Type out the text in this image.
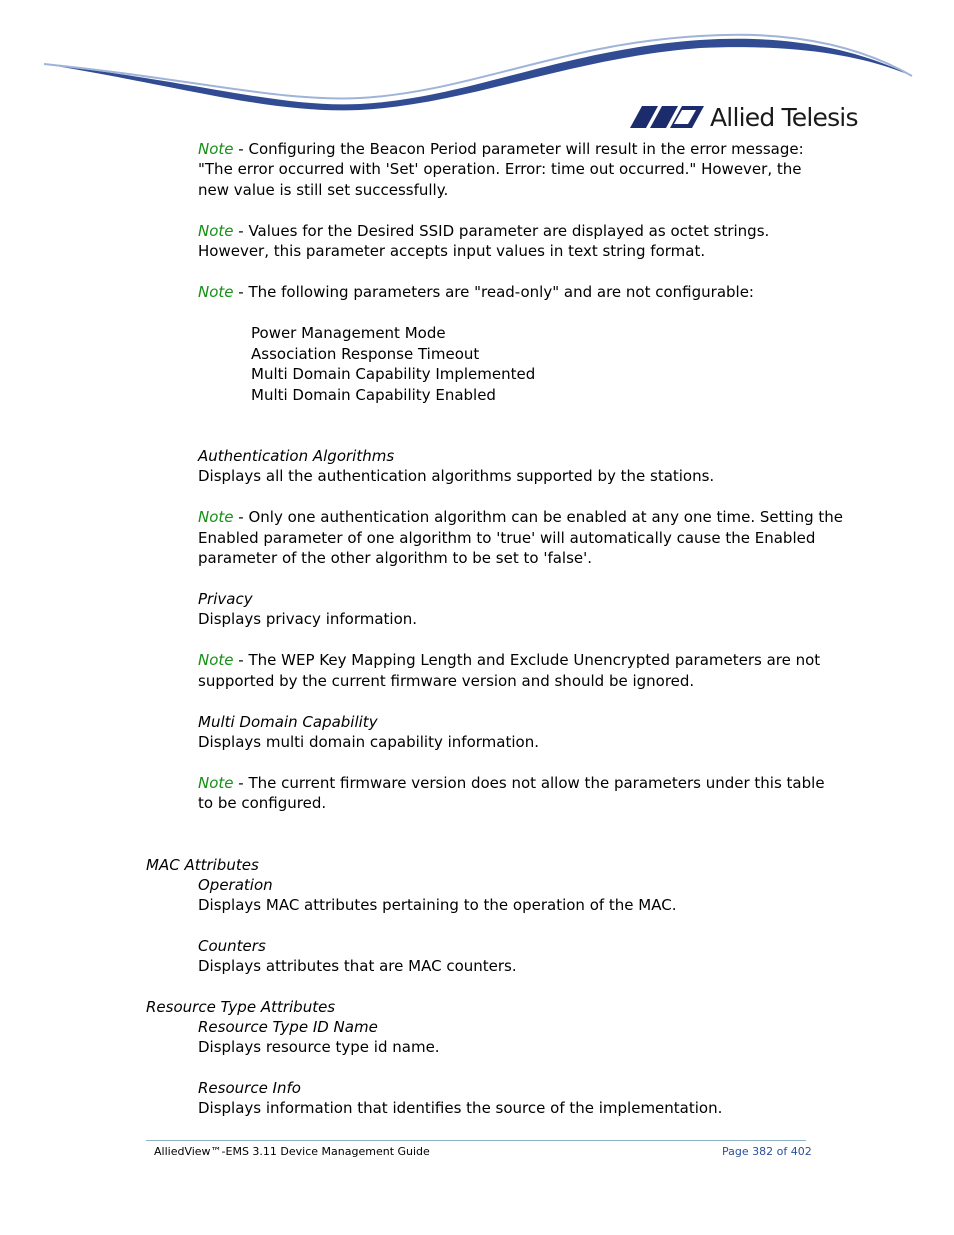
Allied Telesis
Note - Configuring the Beacon Period parameter will result in the error message:
"The error occurred with 'Set' operation. Error: time out occurred." However, the
new value is still set successfully.
Note - Values for the Desired SSID parameter are displayed as octet strings.
However, this parameter accepts input values in text string format.
Note - The following parameters are "read-only" and are not configurable:
Power Management Mode
Association Response Timeout
Multi Domain Capability Implemented
Multi Domain Capability Enabled
Authentication Algorithms
Displays all the authentication algorithms supported by the stations.
Note - Only one authentication algorithm can be enabled at any one time. Setting the
Enabled parameter of one algorithm to 'true' will automatically cause the Enabled
parameter of the other algorithm to be set to 'false'.
Privacy
Displays privacy information.
Note - The WEP Key Mapping Length and Exclude Unencrypted parameters are not
supported by the current firmware version and should be ignored.
Multi Domain Capability
Displays multi domain capability information.
Note - The current firmware version does not allow the parameters under this table
to be configured.
MAC Attributes
Operation
Displays MAC attributes pertaining to the operation of the MAC.
Counters
Displays attributes that are MAC counters.
Resource Type Attributes
Resource Type ID Name
Displays resource type id name.
Resource Info
Displays information that identifies the source of the implementation.
AlliedView™-EMS 3.11 Device Management Guide	Page 382 of 402
